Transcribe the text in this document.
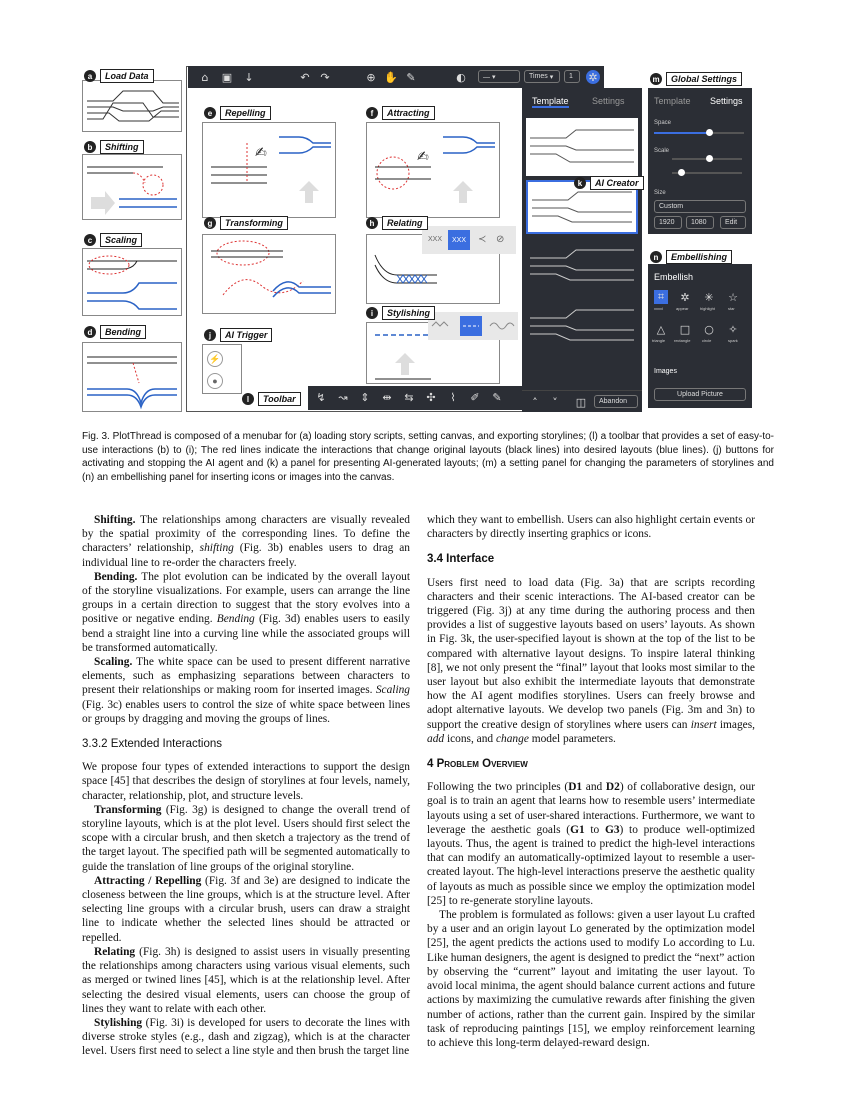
a	Load Data
b	Shifting
c	Scaling
d	Bending
⌂	▣ ↓	↶ ↷	⊕ ✋ ✎	◐	— ▾	Times ▾	1 ✲
✍
e	Repelling
✍
f	Attracting
g	Transforming
XXX	XXX	≺ ⊘
h	Relating
i	Stylishing
⚡
●
j	AI Trigger
↯ ↝ ⇕ ⇹ ⇆ ✣	⌇	✐ ✎
l	Toolbar
Template	Settings
˄	˅	◫ Abandon
k	AI Creator
Template Settings
Space
Scale
Size
Custom
1920 1080	Edit
m	Global Settings
Embellish
⌗	✲ ✳ ☆
xxxxl	appear	highlight	star
△ □ ○ ✧
triangle rectangle	circle	spark
Images
Upload Picture
n	Embellishing
Fig. 3. PlotThread is composed of a menubar for (a) loading story scripts, setting canvas, and exporting storylines; (l) a toolbar that provides a set of easy-to-use interactions (b) to (i); The red lines indicate the interactions that change original layouts (black lines) into desired layouts (blue lines). (j) buttons for activating and stopping the AI agent and (k) a panel for presenting AI-generated layouts; (m) a setting panel for changing the parameters of storylines and (n) an embellishing panel for inserting icons or images into the canvas.

Shifting. The relationships among characters are visually revealed by the spatial proximity of the corresponding lines. To define the characters’ relationship, shifting (Fig. 3b) enables users to drag an individual line to re-order the characters freely.

Bending. The plot evolution can be indicated by the overall layout of the storyline visualizations. For example, users can arrange the line groups in a certain direction to suggest that the story evolves into a positive or negative ending. Bending (Fig. 3d) enables users to easily bend a straight line into a curving line while the associated groups will be transformed automatically.

Scaling. The white space can be used to present different narrative elements, such as emphasizing separations between characters to present their relationships or making room for inserted images. Scaling (Fig. 3c) enables users to control the size of white space between lines or groups by dragging and moving the groups of lines.

3.3.2 Extended Interactions

We propose four types of extended interactions to support the design space [45] that describes the design of storylines at four levels, namely, character, relationship, plot, and structure levels.

Transforming (Fig. 3g) is designed to change the overall trend of storyline layouts, which is at the plot level. Users should first select the scope with a circular brush, and then sketch a trajectory as the trend of the target layout. The specified path will be segmented automatically to guide the translation of line groups of the original storyline.

Attracting / Repelling (Fig. 3f and 3e) are designed to indicate the closeness between the line groups, which is at the structure level. After selecting line groups with a circular brush, users can draw a straight line to indicate whether the selected lines should be attracted or repelled.

Relating (Fig. 3h) is designed to assist users in visually presenting the relationships among characters using various visual elements, such as merged or twined lines [45], which is at the relationship level. After selecting the desired visual elements, users can choose the group of lines they want to relate with each other.

Stylishing (Fig. 3i) is developed for users to decorate the lines with diverse stroke styles (e.g., dash and zigzag), which is at the character level. Users first need to select a line style and then brush the target line

which they want to embellish. Users can also highlight certain events or characters by directly inserting graphics or icons.

3.4 Interface

Users first need to load data (Fig. 3a) that are scripts recording characters and their scenic interactions. The AI-based creator can be triggered (Fig. 3j) at any time during the authoring process and then provides a list of suggestive layouts based on users’ layouts. As shown in Fig. 3k, the user-specified layout is shown at the top of the list to be compared with alternative layout designs. To inspire lateral thinking [8], we not only present the “final” layout that looks most similar to the user layout but also exhibit the intermediate layouts that demonstrate how the AI agent modifies storylines. Users can freely browse and adopt alternative layouts. We develop two panels (Fig. 3m and 3n) to support the creative design of storylines where users can insert images, add icons, and change model parameters.

4 Problem Overview

Following the two principles (D1 and D2) of collaborative design, our goal is to train an agent that learns how to resemble users’ intermediate layouts using a set of user-shared interactions. Furthermore, we want to leverage the aesthetic goals (G1 to G3) to produce well-optimized layouts. Thus, the agent is trained to predict the high-level interactions that can modify an automatically-optimized layout to resemble a user-created layout. The high-level interactions preserve the aesthetic quality of layouts as much as possible since we employ the optimization model [25] to re-generate storyline layouts.

The problem is formulated as follows: given a user layout Lu crafted by a user and an origin layout Lo generated by the optimization model [25], the agent predicts the actions used to modify Lo according to Lu. Like human designers, the agent is designed to predict the “next” action by observing the “current” layout and imitating the user layout. To avoid local minima, the agent should balance current actions and future actions by maximizing the cumulative rewards after finishing the given number of actions, rather than the current gain. Inspired by the similar task of reproducing paintings [15], we employ reinforcement learning to achieve this long-term delayed-reward design.
